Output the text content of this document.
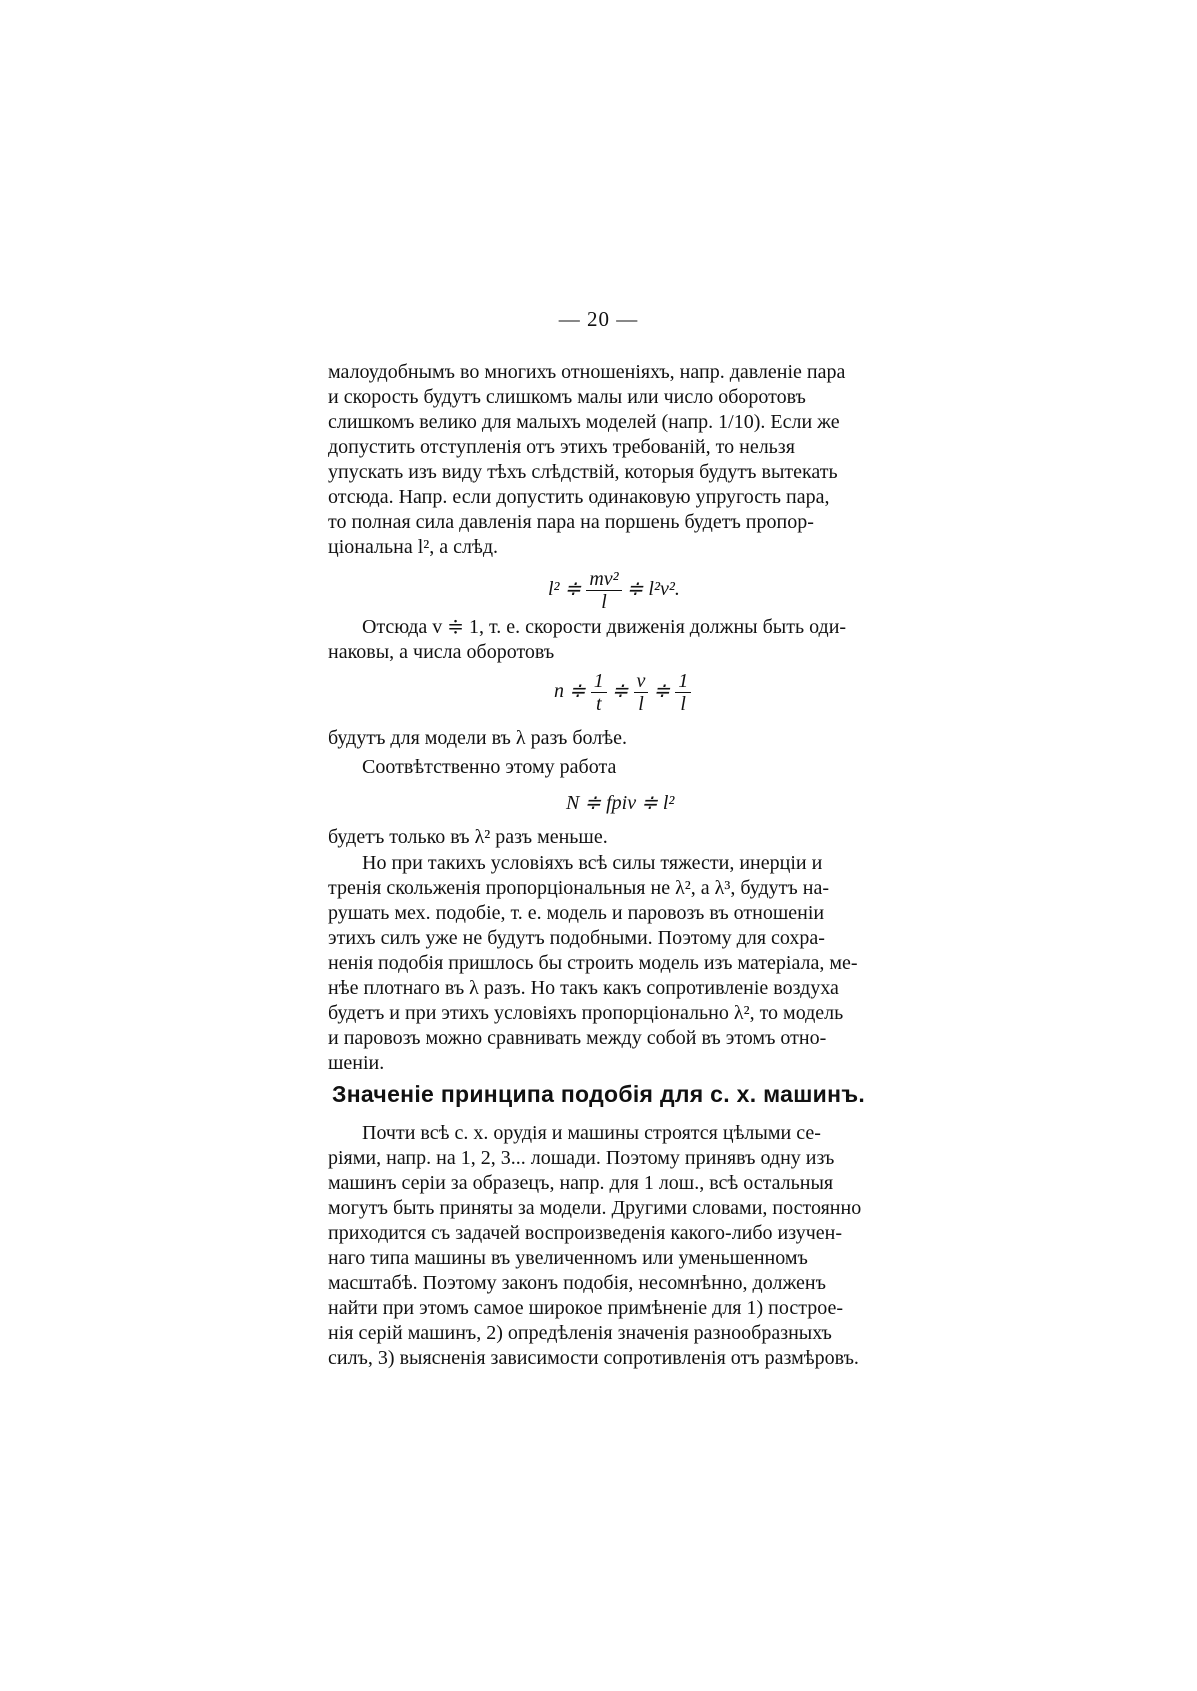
— 20 —

малоудобнымъ во многихъ отношеніяхъ, напр. давленіе пара

и скорость будутъ слишкомъ малы или число оборотовъ

слишкомъ велико для малыхъ моделей (напр. 1/10). Если же

допустить отступленія отъ этихъ требованій, то нельзя

упускать изъ виду тѣхъ слѣдствій, которыя будутъ вытекать

отсюда. Напр. если допустить одинаковую упругость пара,

то полная сила давленія пара на поршень будетъ пропор-

ціональна l², а слѣд.

l² ≑ $\frac{\text{mv²}}{l}$ ≑ l²v².

Отсюда v ≑ 1, т. е. скорости движенія должны быть оди-

наковы, а числа оборотовъ

n ≑ $\frac{1}{t}$ ≑ $\frac{v}{l}$ ≑ $\frac{1}{l}$

будутъ для модели въ λ разъ болѣе.

Соотвѣтственно этому работа

N ≑ fpiv ≑ l²

будетъ только въ λ² разъ меньше.

Но при такихъ условіяхъ всѣ силы тяжести, инерціи и

тренія скольженія пропорціональныя не λ², а λ³, будутъ на-

рушать мех. подобіе, т. е. модель и паровозъ въ отношеніи

этихъ силъ уже не будутъ подобными. Поэтому для сохра-

ненія подобія пришлось бы строить модель изъ матеріала, ме-

нѣе плотнаго въ λ разъ. Но такъ какъ сопротивленіе воздуха

будетъ и при этихъ условіяхъ пропорціонально λ², то модель

и паровозъ можно сравнивать между собой въ этомъ отно-

шеніи.

Значеніе принципа подобія для с. х. машинъ.

Почти всѣ с. х. орудія и машины строятся цѣлыми се-

ріями, напр. на 1, 2, 3... лошади. Поэтому принявъ одну изъ

машинъ серіи за образецъ, напр. для 1 лош., всѣ остальныя

могутъ быть приняты за модели. Другими словами, постоянно

приходится съ задачей воспроизведенія какого-либо изучен-

наго типа машины въ увеличенномъ или уменьшенномъ

масштабѣ. Поэтому законъ подобія, несомнѣнно, долженъ

найти при этомъ самое широкое примѣненіе для 1) построе-

нія серій машинъ, 2) опредѣленія значенія разнообразныхъ

силъ, 3) выясненія зависимости сопротивленія отъ размѣровъ.
